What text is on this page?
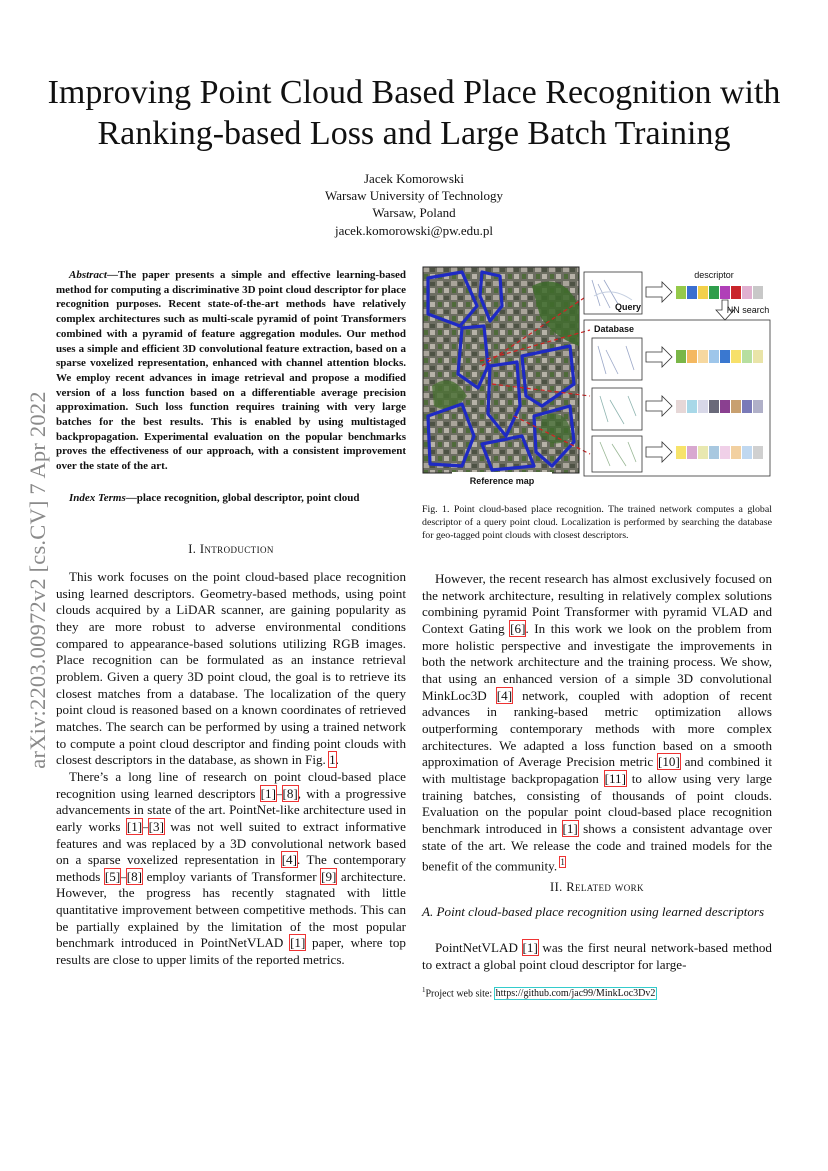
arXiv:2203.00972v2 [cs.CV] 7 Apr 2022
Improving Point Cloud Based Place Recognition with Ranking-based Loss and Large Batch Training
Jacek Komorowski
Warsaw University of Technology
Warsaw, Poland
jacek.komorowski@pw.edu.pl
Abstract—The paper presents a simple and effective learning-based method for computing a discriminative 3D point cloud descriptor for place recognition purposes. Recent state-of-the-art methods have relatively complex architectures such as multi-scale pyramid of point Transformers combined with a pyramid of feature aggregation modules. Our method uses a simple and efficient 3D convolutional feature extraction, based on a sparse voxelized representation, enhanced with channel attention blocks. We employ recent advances in image retrieval and propose a modified version of a loss function based on a differentiable average precision approximation. Such loss function requires training with very large batches for the best results. This is enabled by using multistaged backpropagation. Experimental evaluation on the popular benchmarks proves the effectiveness of our approach, with a consistent improvement over the state of the art.
Index Terms—place recognition, global descriptor, point cloud
I. Introduction

This work focuses on the point cloud-based place recognition using learned descriptors. Geometry-based methods, using point clouds acquired by a LiDAR scanner, are gaining popularity as they are more robust to adverse environmental conditions compared to appearance-based solutions utilizing RGB images. Place recognition can be formulated as an instance retrieval problem. Given a query 3D point cloud, the goal is to retrieve its closest matches from a database. The localization of the query point cloud is reasoned based on a known coordinates of retrieved matches. The search can be performed by using a trained network to compute a point cloud descriptor and finding point clouds with closest descriptors in the database, as shown in Fig. 1.

There’s a long line of research on point cloud-based place recognition using learned descriptors [1]–[8], with a progressive advancements in state of the art. PointNet-like architecture used in early works [1]–[3] was not well suited to extract informative features and was replaced by a 3D convolutional network based on a sparse voxelized representation in [4]. The contemporary methods [5]–[8] employ variants of Transformer [9] architecture. However, the progress has recently stagnated with little quantitative improvement between competitive methods. This can be partially explained by the limitation of the most popular benchmark introduced in PointNetVLAD [1] paper, where top results are close to upper limits of the reported metrics.

Reference map
descriptor
Query	NN search
Database
Fig. 1. Point cloud-based place recognition. The trained network computes a global descriptor of a query point cloud. Localization is performed by searching the database for geo-tagged point clouds with closest descriptors.

However, the recent research has almost exclusively focused on the network architecture, resulting in relatively complex solutions combining pyramid Point Transformer with pyramid VLAD and Context Gating [6]. In this work we look on the problem from more holistic perspective and investigate the improvements in both the network architecture and the training process. We show, that using an enhanced version of a simple 3D convolutional MinkLoc3D [4] network, coupled with adoption of recent advances in ranking-based metric optimization allows outperforming contemporary methods with more complex architectures. We adapted a loss function based on a smooth approximation of Average Precision metric [10] and combined it with multistage backpropagation [11] to allow using very large training batches, consisting of thousands of point clouds. Evaluation on the popular point cloud-based place recognition benchmark introduced in [1] shows a consistent advantage over state of the art. We release the code and trained models for the benefit of the community. $^1$

II. Related work
A. Point cloud-based place recognition using learned descriptors

PointNetVLAD [1] was the first neural network-based method to extract a global point cloud descriptor for large-

$^1$Project web site: https://github.com/jac99/MinkLoc3Dv2
